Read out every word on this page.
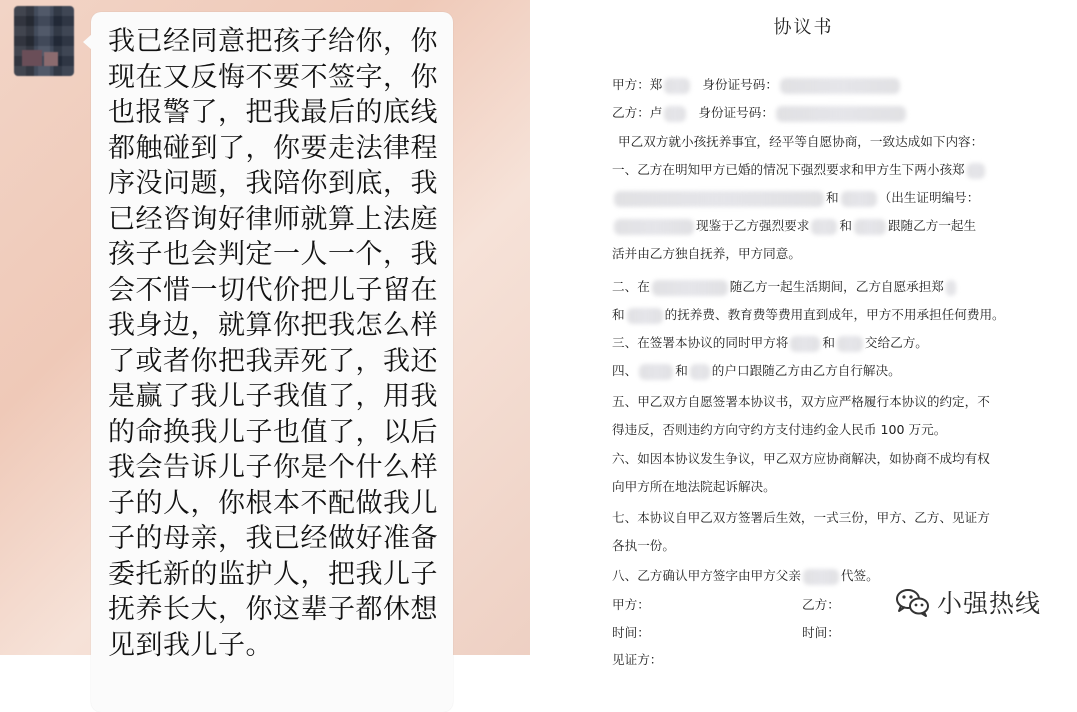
我已经同意把孩子给你，你
现在又反悔不要不签字，你
也报警了，把我最后的底线
都触碰到了，你要走法律程
序没问题，我陪你到底，我
已经咨询好律师就算上法庭
孩子也会判定一人一个，我
会不惜一切代价把儿子留在
我身边，就算你把我怎么样
了或者你把我弄死了，我还
是赢了我儿子我值了，用我
的命换我儿子也值了，以后
我会告诉儿子你是个什么样
子的人，你根本不配做我儿
子的母亲，我已经做好准备
委托新的监护人，把我儿子
抚养长大，你这辈子都休想
见到我儿子。

协议书
甲方：郑	身份证号码：
乙方：卢	身份证号码：
甲乙双方就小孩抚养事宜，经平等自愿协商，一致达成如下内容：
一、乙方在明知甲方已婚的情况下强烈要求和甲方生下两小孩郑
和	（出生证明编号：
现鉴于乙方强烈要求 和	跟随乙方一起生
活并由乙方独自抚养，甲方同意。
二、在	随乙方一起生活期间，乙方自愿承担郑
和	的抚养费、教育费等费用直到成年，甲方不用承担任何费用。
三、在签署本协议的同时甲方将	和 交给乙方。
四、	和 的户口跟随乙方由乙方自行解决。
五、甲乙双方自愿签署本协议书，双方应严格履行本协议的约定，不
得违反，否则违约方向守约方支付违约金人民币 100 万元。
六、如因本协议发生争议，甲乙双方应协商解决，如协商不成均有权
向甲方所在地法院起诉解决。
七、本协议自甲乙双方签署后生效，一式三份，甲方、乙方、见证方
各执一份。
八、乙方确认甲方签字由甲方父亲	代签。
甲方：	乙方：
时间：	时间：
见证方：
小强热线
